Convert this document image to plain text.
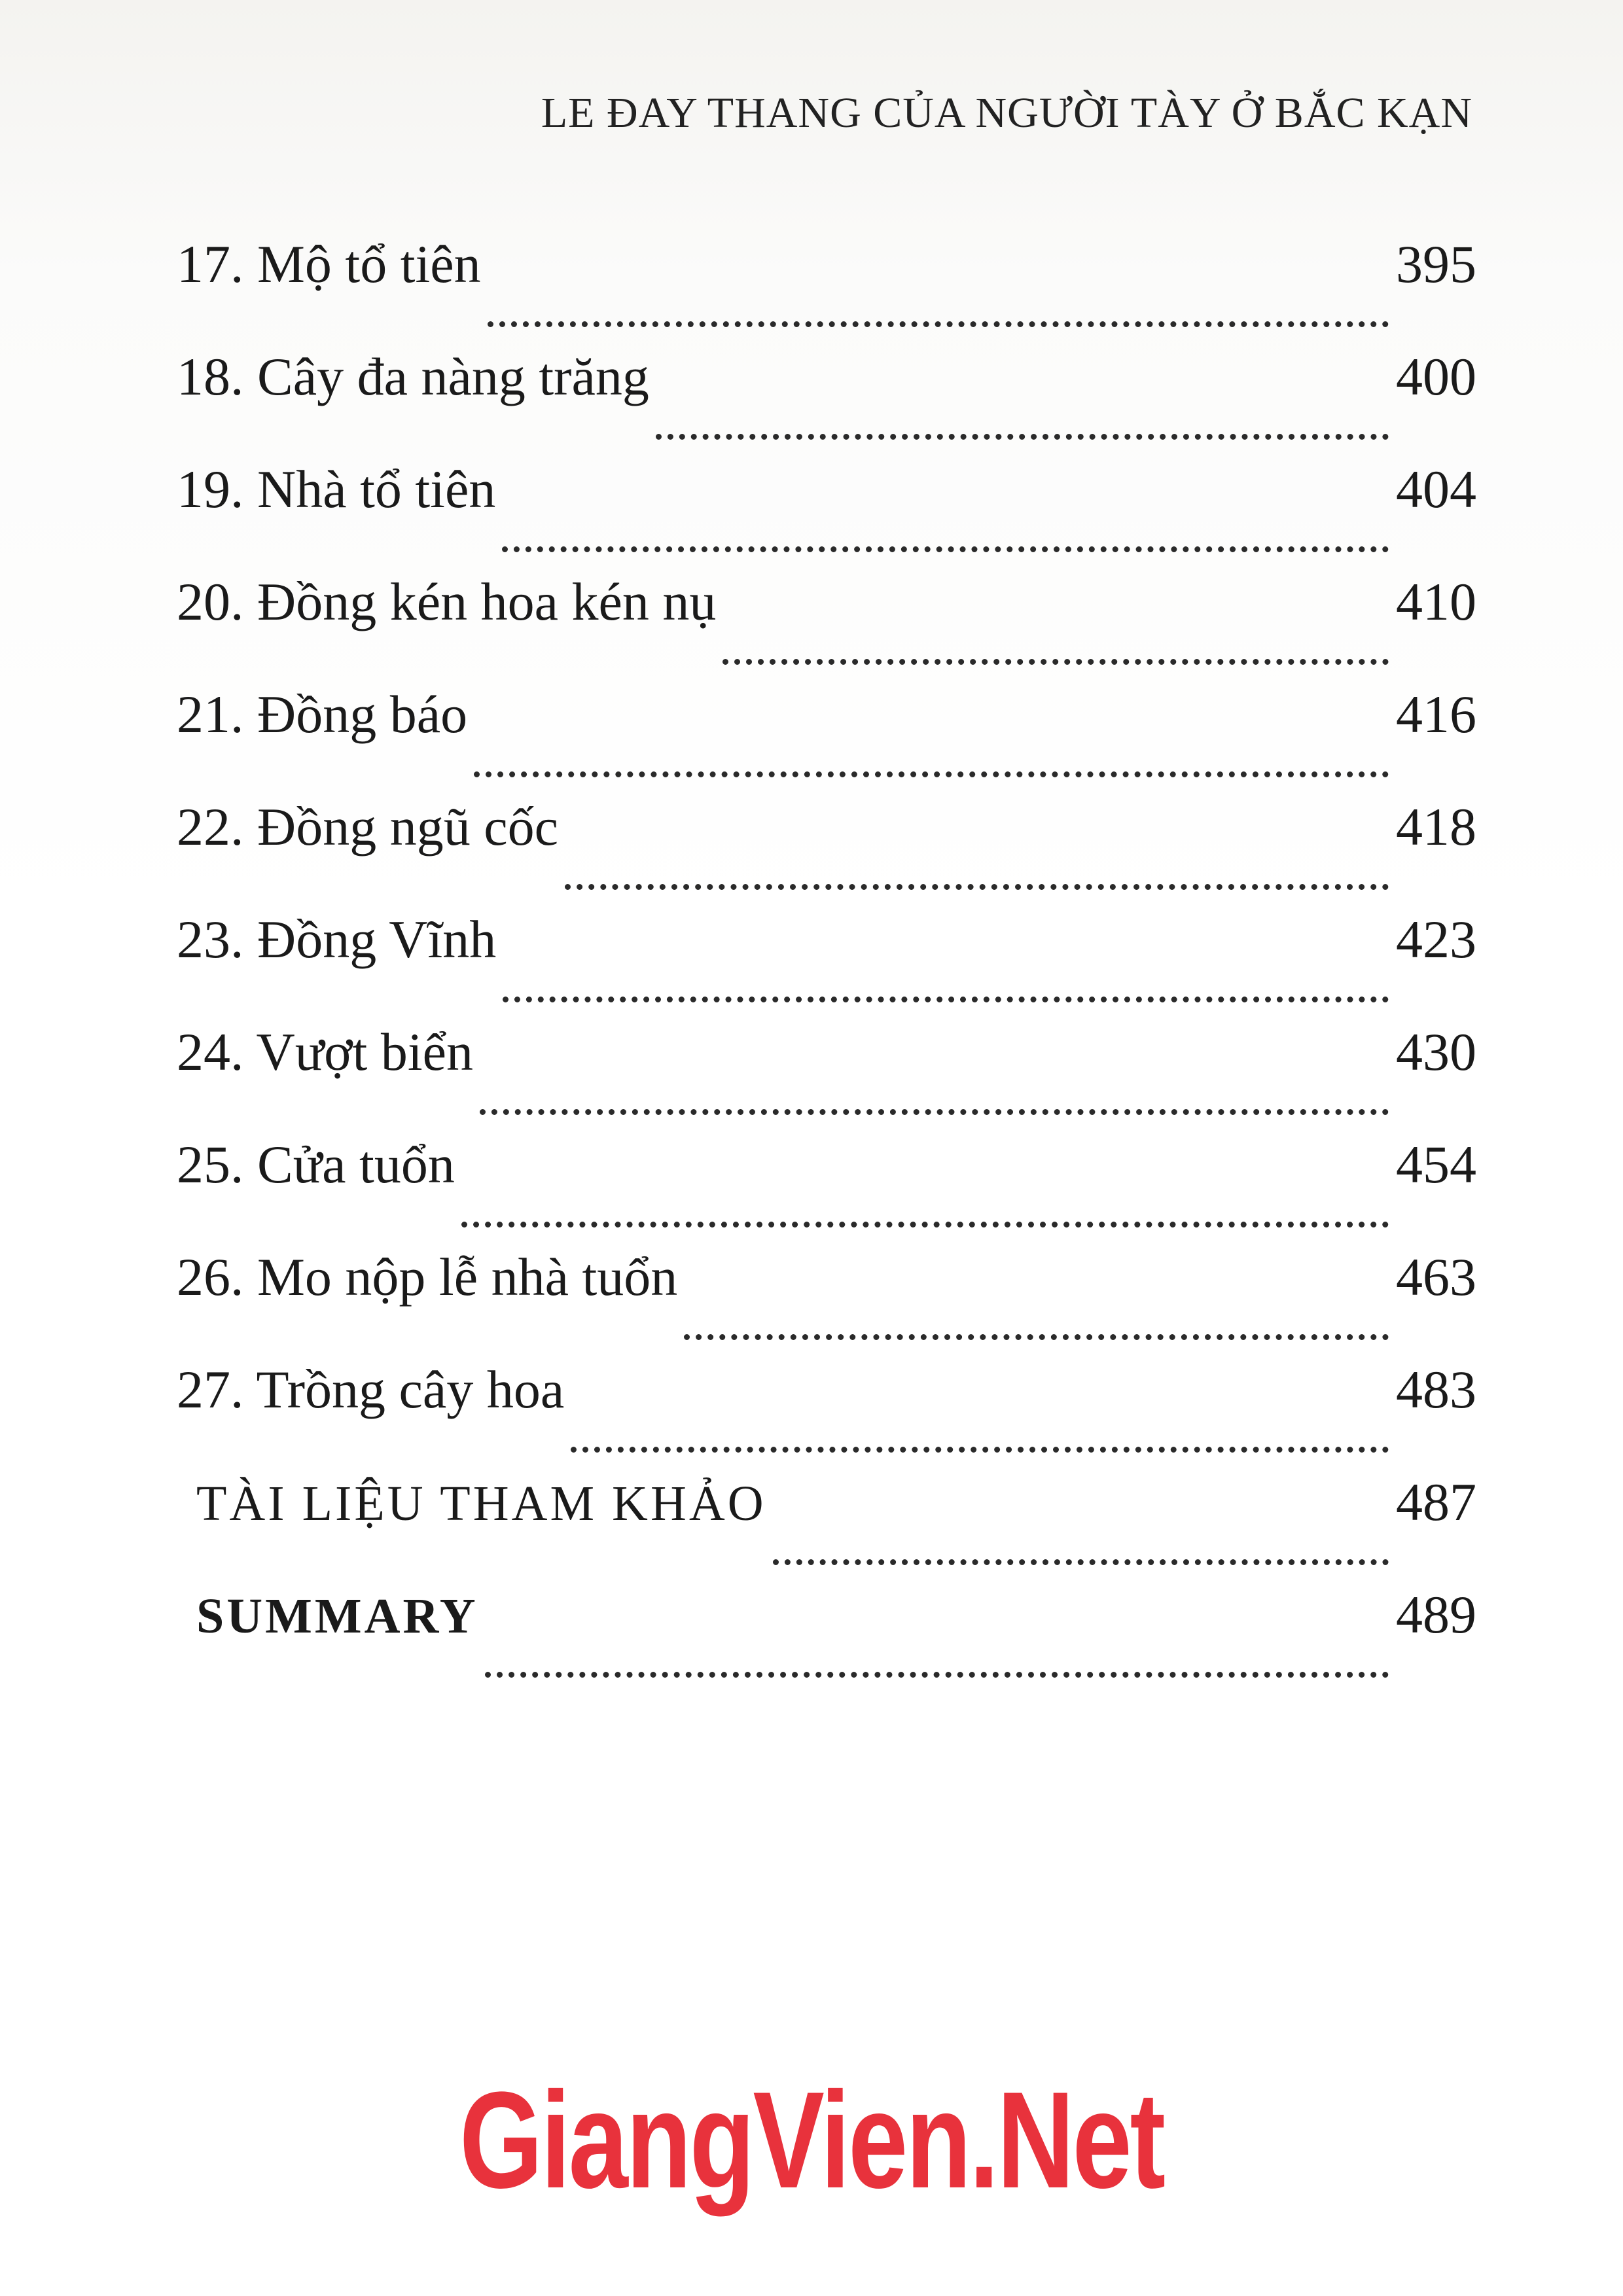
LE ĐAY THANG CỦA NGƯỜI TÀY Ở BẮC KẠN
17. Mộ tổ tiên	395
18. Cây đa nàng trăng	400
19. Nhà tổ tiên	404
20. Đồng kén hoa kén nụ	410
21. Đồng báo	416
22. Đồng ngũ cốc	418
23. Đồng Vĩnh	423
24. Vượt biển	430
25. Cửa tuổn	454
26. Mo nộp lễ nhà tuổn	463
27. Trồng cây hoa	483
TÀI LIỆU THAM KHẢO	487
SUMMARY	489
GiangVien.Net
